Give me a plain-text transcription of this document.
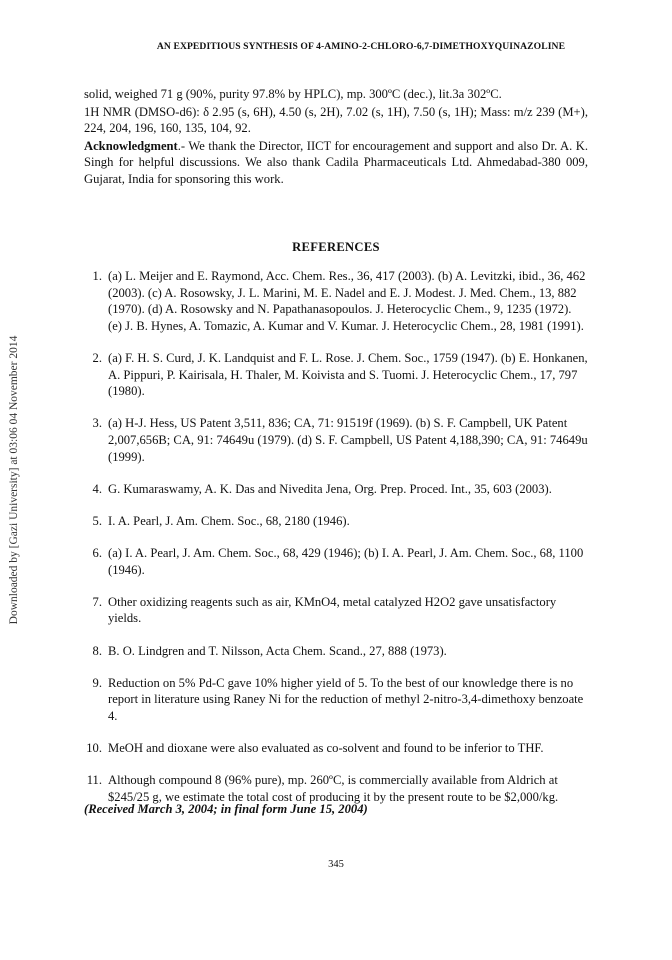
AN EXPEDITIOUS SYNTHESIS OF 4-AMINO-2-CHLORO-6,7-DIMETHOXYQUINAZOLINE
Downloaded by [Gazi University] at 03:06 04 November 2014

solid, weighed 71 g (90%, purity 97.8% by HPLC), mp. 300ºC (dec.), lit.3a 302ºC.

1H NMR (DMSO-d6): δ 2.95 (s, 6H), 4.50 (s, 2H), 7.02 (s, 1H), 7.50 (s, 1H); Mass: m/z 239 (M+), 224, 204, 196, 160, 135, 104, 92.

Acknowledgment.- We thank the Director, IICT for encouragement and support and also Dr. A. K. Singh for helpful discussions. We also thank Cadila Pharmaceuticals Ltd. Ahmedabad-380 009, Gujarat, India for sponsoring this work.

REFERENCES
1. (a) L. Meijer and E. Raymond, Acc. Chem. Res., 36, 417 (2003). (b) A. Levitzki, ibid., 36, 462 (2003). (c) A. Rosowsky, J. L. Marini, M. E. Nadel and E. J. Modest. J. Med. Chem., 13, 882 (1970). (d) A. Rosowsky and N. Papathanasopoulos. J. Heterocyclic Chem., 9, 1235 (1972). (e) J. B. Hynes, A. Tomazic, A. Kumar and V. Kumar. J. Heterocyclic Chem., 28, 1981 (1991).
2. (a) F. H. S. Curd, J. K. Landquist and F. L. Rose. J. Chem. Soc., 1759 (1947). (b) E. Honkanen, A. Pippuri, P. Kairisala, H. Thaler, M. Koivista and S. Tuomi. J. Heterocyclic Chem., 17, 797 (1980).
3. (a) H-J. Hess, US Patent 3,511, 836; CA, 71: 91519f (1969). (b) S. F. Campbell, UK Patent 2,007,656B; CA, 91: 74649u (1979). (d) S. F. Campbell, US Patent 4,188,390; CA, 91: 74649u (1999).
4. G. Kumaraswamy, A. K. Das and Nivedita Jena, Org. Prep. Proced. Int., 35, 603 (2003).
5. I. A. Pearl, J. Am. Chem. Soc., 68, 2180 (1946).
6. (a) I. A. Pearl, J. Am. Chem. Soc., 68, 429 (1946); (b) I. A. Pearl, J. Am. Chem. Soc., 68, 1100 (1946).
7. Other oxidizing reagents such as air, KMnO4, metal catalyzed H2O2 gave unsatisfactory yields.
8. B. O. Lindgren and T. Nilsson, Acta Chem. Scand., 27, 888 (1973).
9. Reduction on 5% Pd-C gave 10% higher yield of 5. To the best of our knowledge there is no report in literature using Raney Ni for the reduction of methyl 2-nitro-3,4-dimethoxy benzoate 4.
10. MeOH and dioxane were also evaluated as co-solvent and found to be inferior to THF.
11. Although compound 8 (96% pure), mp. 260ºC, is commercially available from Aldrich at $245/25 g, we estimate the total cost of producing it by the present route to be $2,000/kg.
(Received March 3, 2004; in final form June 15, 2004)
345
